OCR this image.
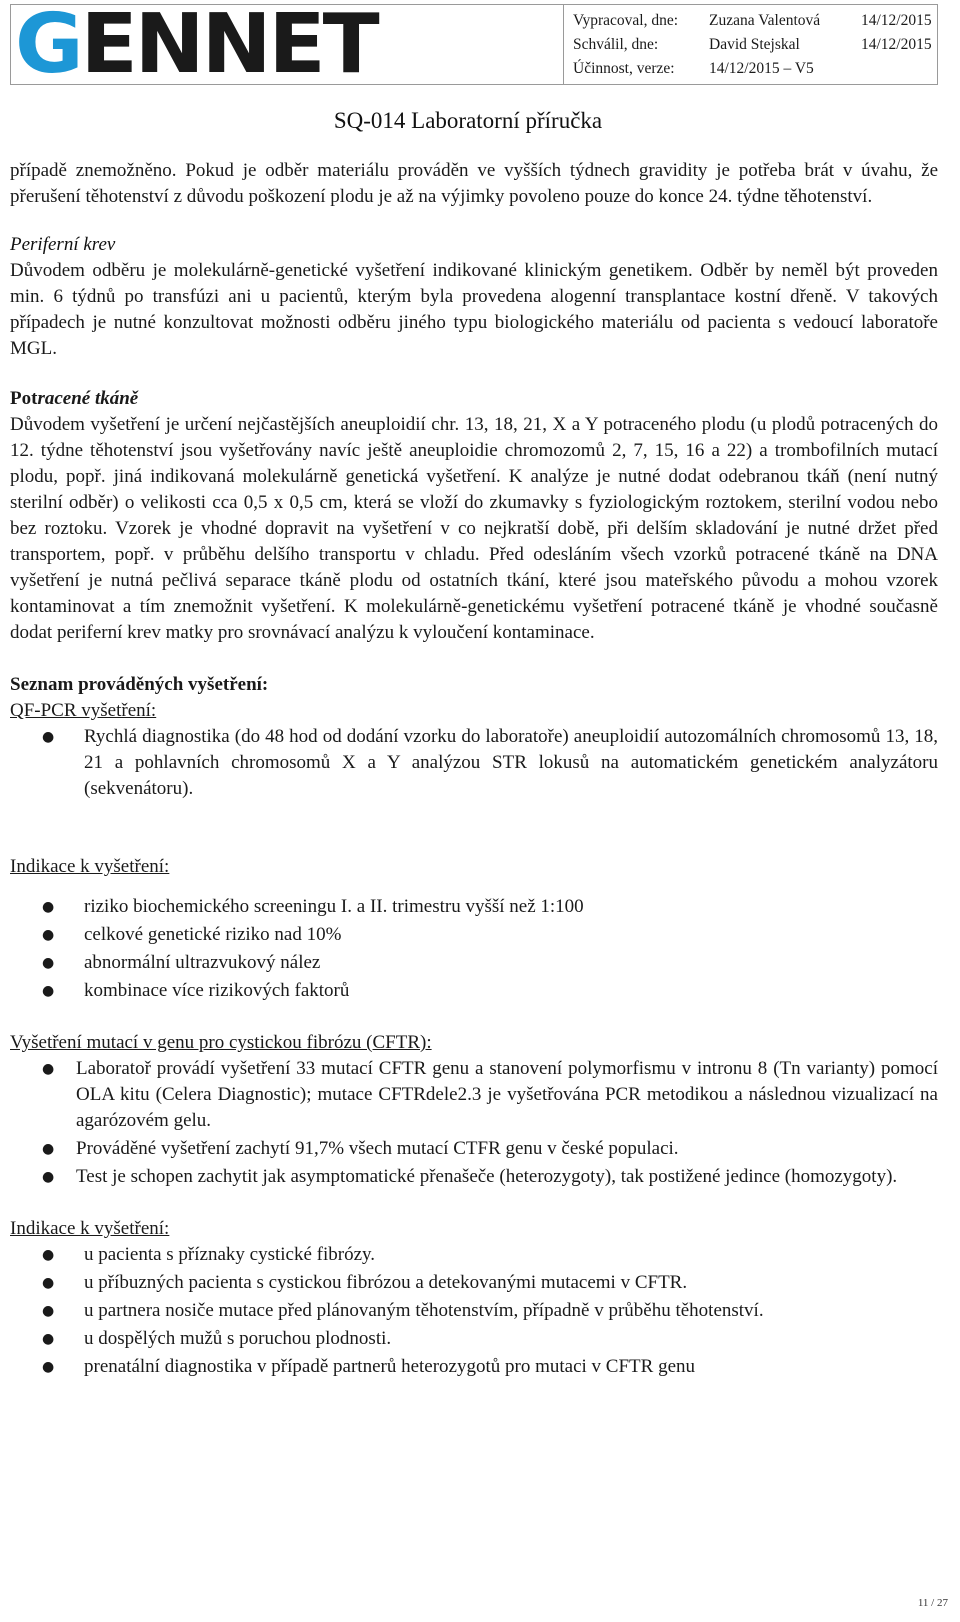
GENNET	Vypracoval, dne:
Schválil, dne:
Účinnost, verze:
Zuzana Valentová
David Stejskal
14/12/2015 – V5
14/12/2015
14/12/2015
SQ-014 Laboratorní příručka

případě znemožněno. Pokud je odběr materiálu prováděn ve vyšších týdnech gravidity je potřeba brát v úvahu, že přerušení těhotenství z důvodu poškození plodu je až na výjimky povoleno pouze do konce 24. týdne těhotenství.

Periferní krev

Důvodem odběru je molekulárně-genetické vyšetření indikované klinickým genetikem. Odběr by neměl být proveden min. 6 týdnů po transfúzi ani u pacientů, kterým byla provedena alogenní transplantace kostní dřeně. V takových případech je nutné konzultovat možnosti odběru jiného typu biologického materiálu od pacienta s vedoucí laboratoře MGL.

Potracené tkáně

Důvodem vyšetření je určení nejčastějších aneuploidií chr. 13, 18, 21, X a Y potraceného plodu (u plodů potracených do 12. týdne těhotenství jsou vyšetřovány navíc ještě aneuploidie chromozomů 2, 7, 15, 16 a 22) a trombofilních mutací plodu, popř. jiná indikovaná molekulárně genetická vyšetření. K analýze je nutné dodat odebranou tkáň (není nutný sterilní odběr) o velikosti cca 0,5 x 0,5 cm, která se vloží do zkumavky s fyziologickým roztokem, sterilní vodou nebo bez roztoku. Vzorek je vhodné dopravit na vyšetření v co nejkratší době, při delším skladování je nutné držet před transportem, popř. v průběhu delšího transportu v chladu. Před odesláním všech vzorků potracené tkáně na DNA vyšetření je nutná pečlivá separace tkáně plodu od ostatních tkání, které jsou mateřského původu a mohou vzorek kontaminovat a tím znemožnit vyšetření. K molekulárně-genetickému vyšetření potracené tkáně je vhodné současně dodat periferní krev matky pro srovnávací analýzu k vyloučení kontaminace.

Seznam prováděných vyšetření:
QF-PCR vyšetření:
● Rychlá diagnostika (do 48 hod od dodání vzorku do laboratoře) aneuploidií autozomálních chromosomů 13, 18, 21 a pohlavních chromosomů X a Y analýzou STR lokusů na automatickém genetickém analyzátoru (sekvenátoru).
Indikace k vyšetření:
● riziko biochemického screeningu I. a II. trimestru vyšší než 1:100
● celkové genetické riziko nad 10%
● abnormální ultrazvukový nález
● kombinace více rizikových faktorů
Vyšetření mutací v genu pro cystickou fibrózu (CFTR):
● Laboratoř provádí vyšetření 33 mutací CFTR genu a stanovení polymorfismu v intronu 8 (Tn varianty) pomocí OLA kitu (Celera Diagnostic); mutace CFTRdele2.3 je vyšetřována PCR metodikou a následnou vizualizací na agarózovém gelu.
● Prováděné vyšetření zachytí 91,7% všech mutací CTFR genu v české populaci.
● Test je schopen zachytit jak asymptomatické přenašeče (heterozygoty), tak postižené jedince (homozygoty).
Indikace k vyšetření:
● u pacienta s příznaky cystické fibrózy.
● u příbuzných pacienta s cystickou fibrózou a detekovanými mutacemi v CFTR.
● u partnera nosiče mutace před plánovaným těhotenstvím, případně v průběhu těhotenství.
● u dospělých mužů s poruchou plodnosti.
● prenatální diagnostika v případě partnerů heterozygotů pro mutaci v CFTR genu
11 / 27
